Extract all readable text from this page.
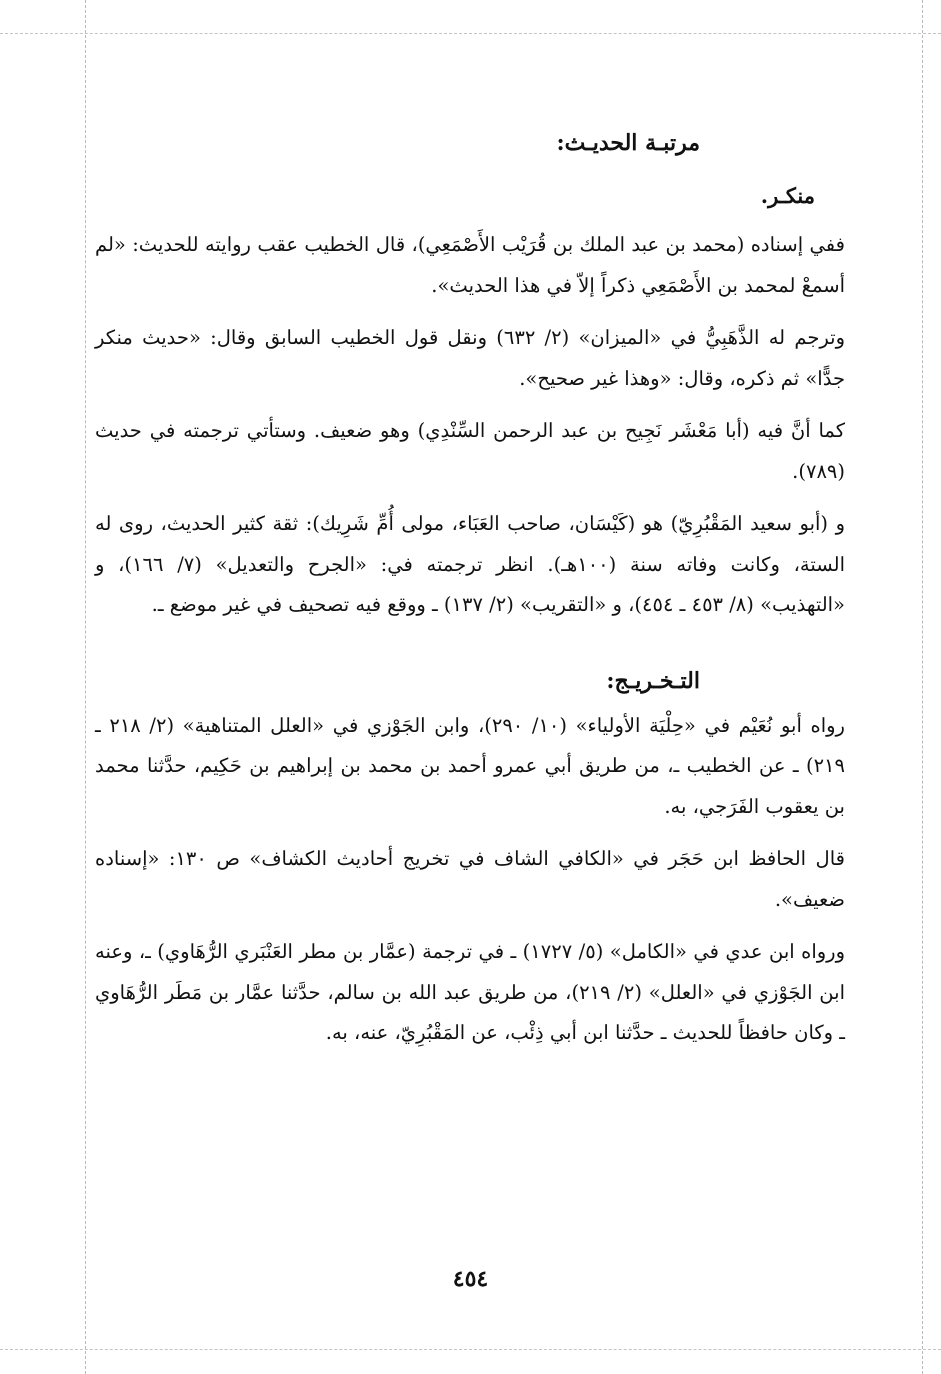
مرتبـة الحديـث:
منكـر.

ففي إسناده (محمد بن عبد الملك بن قُرَيْب الأَصْمَعِي)، قال الخطيب عقب روايته للحديث: «لم أسمعْ لمحمد بن الأَصْمَعِي ذكراً إلاّ في هذا الحديث».

وترجم له الذَّهَبِيُّ في «الميزان» (٢/ ٦٣٢) ونقل قول الخطيب السابق وقال: «حديث منكر جدًّا» ثم ذكره، وقال: «وهذا غير صحيح».

كما أنَّ فيه (أبا مَعْشَر نَجِيح بن عبد الرحمن السِّنْدِي) وهو ضعيف. وستأتي ترجمته في حديث (٧٨٩).

و (أبو سعيد المَقْبُرِيّ) هو (كَيْسَان، صاحب العَبَاء، مولى أُمِّ شَرِيك): ثقة كثير الحديث، روى له الستة، وكانت وفاته سنة (١٠٠هـ). انظر ترجمته في: «الجرح والتعديل» (٧/ ١٦٦)، و «التهذيب» (٨/ ٤٥٣ ـ ٤٥٤)، و «التقريب» (٢/ ١٣٧) ـ ووقع فيه تصحيف في غير موضع ـ.

التـخـريـج:

رواه أبو نُعَيْم في «حِلْيَة الأولياء» (١٠/ ٢٩٠)، وابن الجَوْزي في «العلل المتناهية» (٢/ ٢١٨ ـ ٢١٩) ـ عن الخطيب ـ، من طريق أبي عمرو أحمد بن محمد بن إبراهيم بن حَكِيم، حدَّثنا محمد بن يعقوب الفَرَجي، به.

قال الحافظ ابن حَجَر في «الكافي الشاف في تخريج أحاديث الكشاف» ص ١٣٠: «إسناده ضعيف».

ورواه ابن عدي في «الكامل» (٥/ ١٧٢٧) ـ في ترجمة (عمَّار بن مطر العَنْبَري الرُّهَاوي) ـ، وعنه ابن الجَوْزي في «العلل» (٢/ ٢١٩)، من طريق عبد الله بن سالم، حدَّثنا عمَّار بن مَطَر الرُّهَاوي ـ وكان حافظاً للحديث ـ حدَّثنا ابن أبي ذِئْب، عن المَقْبُرِيّ، عنه، به.

٤٥٤
